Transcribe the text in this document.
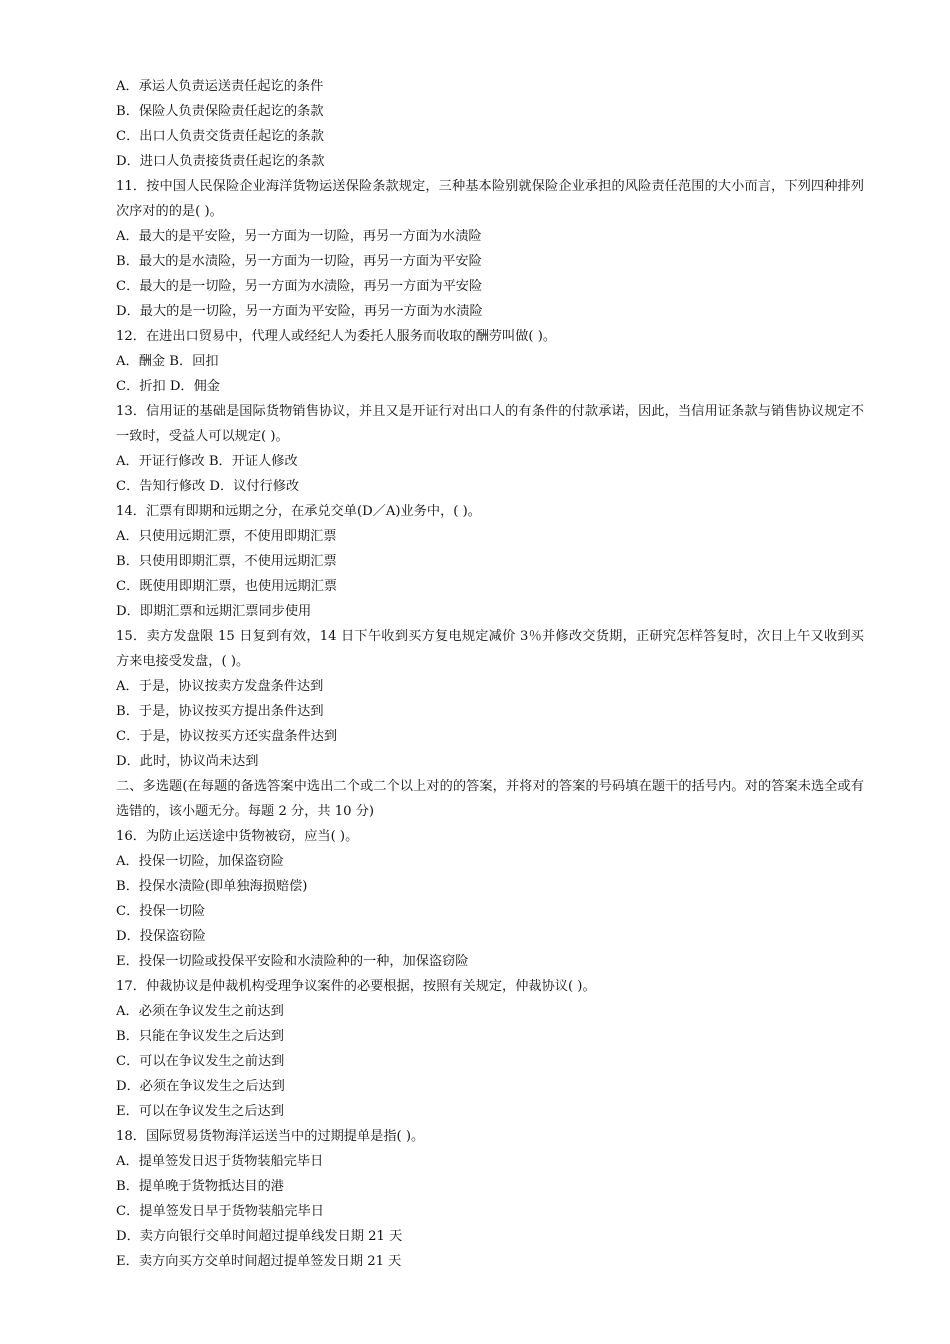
A．承运人负责运送责任起讫的条件
B．保险人负责保险责任起讫的条款
C．出口人负责交货责任起讫的条款
D．进口人负责接货责任起讫的条款
11．按中国人民保险企业海洋货物运送保险条款规定，三种基本险别就保险企业承担的风险责任范围的大小而言，下列四种排列次序对的的是( )。
A．最大的是平安险，另一方面为一切险，再另一方面为水渍险
B．最大的是水渍险，另一方面为一切险，再另一方面为平安险
C．最大的是一切险，另一方面为水渍险，再另一方面为平安险
D．最大的是一切险，另一方面为平安险，再另一方面为水渍险
12．在进出口贸易中，代理人或经纪人为委托人服务而收取的酬劳叫做( )。
A．酬金 B．回扣
C．折扣 D．佣金
13．信用证的基础是国际货物销售协议，并且又是开证行对出口人的有条件的付款承诺，因此，当信用证条款与销售协议规定不一致时，受益人可以规定( )。
A．开证行修改 B．开证人修改
C．告知行修改 D．议付行修改
14．汇票有即期和远期之分，在承兑交单(D／A)业务中，( )。
A．只使用远期汇票，不使用即期汇票
B．只使用即期汇票，不使用远期汇票
C．既使用即期汇票，也使用远期汇票
D．即期汇票和远期汇票同步使用
15．卖方发盘限 15 日复到有效，14 日下午收到买方复电规定减价 3％并修改交货期，正研究怎样答复时，次日上午又收到买方来电接受发盘，( )。
A．于是，协议按卖方发盘条件达到
B．于是，协议按买方提出条件达到
C．于是，协议按买方还实盘条件达到
D．此时，协议尚未达到
二、多选题(在每题的备选答案中选出二个或二个以上对的的答案，并将对的答案的号码填在题干的括号内。对的答案未选全或有选错的，该小题无分。每题 2 分，共 10 分)
16．为防止运送途中货物被窃，应当( )。
A．投保一切险，加保盗窃险
B．投保水渍险(即单独海损赔偿)
C．投保一切险
D．投保盗窃险
E．投保一切险或投保平安险和水渍险种的一种，加保盗窃险
17．仲裁协议是仲裁机构受理争议案件的必要根据，按照有关规定，仲裁协议( )。
A．必须在争议发生之前达到
B．只能在争议发生之后达到
C．可以在争议发生之前达到
D．必须在争议发生之后达到
E．可以在争议发生之后达到
18．国际贸易货物海洋运送当中的过期提单是指( )。
A．提单签发日迟于货物装船完毕日
B．提单晚于货物抵达目的港
C．提单签发日早于货物装船完毕日
D．卖方向银行交单时间超过提单线发日期 21 天
E．卖方向买方交单时间超过提单签发日期 21 天
